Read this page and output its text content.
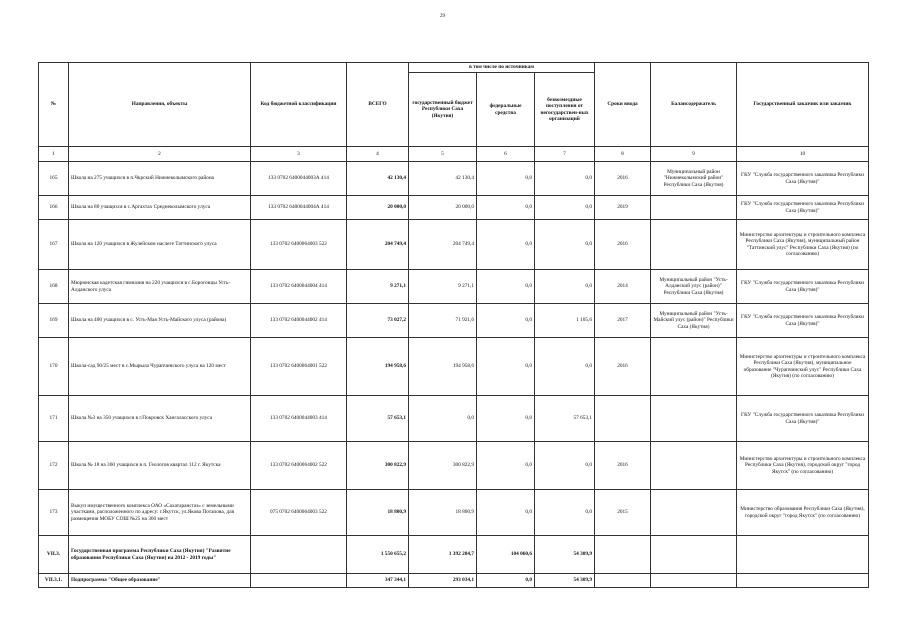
29
№	Направления, объекты	Код бюджетной классификации	ВСЕГО	в том числе по источникам			Сроки ввода	Балансодержатель	Государственный заказчик или заказчик
				государственный бюджет Республики Саха (Якутия)	федеральные средства	безвозмездные поступления от негосударствен-ных организаций			
1	2	3	4	5	6	7	8	9	10
165	Школа на 275 учащихся в п.Чкрский Нижнеколымского района	133 0702 6400044003А 414	42 130,4	42 130,4	0,0	0,0	2016	Муниципальный район "Нижнеколымский район" Республики Саха (Якутия)	ГКУ "Служба государственного заказчика Республики Саха (Якутия)"
166	Школа на 80 учащихся в с.Аргахтах Среднеколымского улуса	133 0702 6400044004А 414	20 000,0	20 000,0	0,0	0,0	2019		ГКУ "Служба государственного заказчика Республики Саха (Якутия)"
167	Школа на 120 учащихся в Жулейском наслеге Таттинского улуса	133 0702 6400064003 522	204 749,4	204 749,4	0,0	0,0	2016		Министерство архитектуры и строительного комплекса Республики Саха (Якутия), муниципальный район "Таттинский улус" Республики Саха (Якутия) (по согласованию)
168	Мюрюнская кадетская гимназия на 220 учащихся в с.Борогонцы Усть-Алданского улуса	133 0702 6400044004 414	9 271,1	9 271,1	0,0	0,0	2014	Муниципальный район "Усть-Алданский улус (район)" Республики Саха (Якутия)	ГКУ "Служба государственного заказчика Республики Саха (Якутия)"
169	Школа на 400 учащихся в с. Усть-Мая Усть-Майского улуса (района)	133 0702 6400044002 414	73 027,2	71 921,6	0,0	1 105,6	2017	Муниципальный район "Усть-Майский улус (район)" Республики Саха (Якутия)	ГКУ "Служба государственного заказчика Республики Саха (Якутия)"
170	Школа-сад 90/25 мест в с.Мырыла Чурапчинского улуса на 120 мест	133 0702 6400064001 522	194 958,6	194 958,6	0,0	0,0	2016		Министерство архитектуры и строительного комплекса Республики Саха (Якутия), муниципальное образование "Чурапчинский улус" Республики Саха (Якутия) (по согласованию)
171	Школа №3 на 350 учащихся в г.Покровск Хангаласского улуса	133 0702 6400044003 414	57 653,1	0,0	0,0	57 653,1			ГКУ "Служба государственного заказчика Республики Саха (Якутия)"
172	Школа № 18 на 360 учащихся в п. Геологов квартал 112 г. Якутска	133 0702 6400064002 522	300 822,9	300 822,9	0,0	0,0	2016		Министерство архитектуры и строительного комплекса Республики Саха (Якутия), городской округ "город Якутск" (по согласованию)
173	Выкуп имущественного комплекса ОАО «Сахатарансгаз» с земельными участками, расположенного по адресу: г.Якутск, ул.Якова Потапова, для размещения МОБУ СОШ №25 на 360 мест	075 0702 6400064003 522	18 800,9	18 800,9	0,0	0,0	2015		Министерство образования Республики Саха (Якутия), городской округ "город Якутск" (по согласованию)
VII.3.	Государственная программа Республики Саха (Якутия) "Развитие образования Республики Саха (Якутия) на 2012 - 2019 годы"		1 550 655,2	1 392 284,7	104 060,6	54 309,9			
VII.3.1.	Подпрограмма "Общее образование"		347 344,1	293 034,1	0,0	54 309,9			
